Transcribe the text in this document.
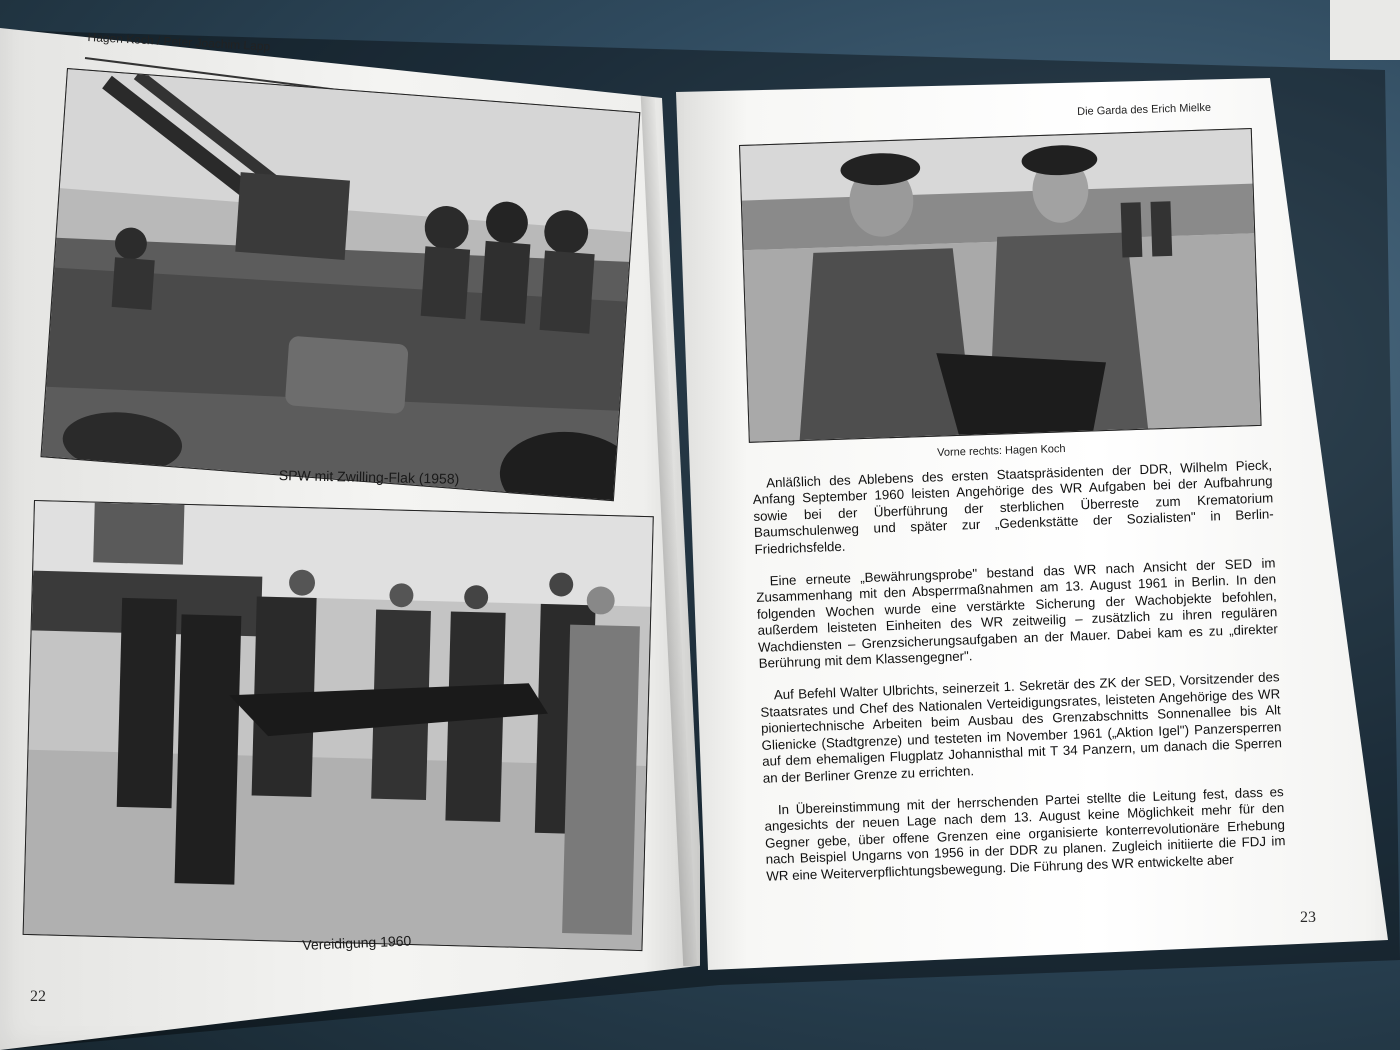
Hagen Koch / Peter Joachim Lapp
SPW mit Zwilling-Flak (1958)
Vereidigung 1960
22
Die Garda des Erich Mielke
Vorne rechts: Hagen Koch

Anläßlich des Ablebens des ersten Staatspräsidenten der DDR, Wilhelm Pieck, Anfang September 1960 leisten Angehörige des WR Aufgaben bei der Aufbahrung sowie bei der Überführung der sterblichen Überreste zum Krematorium Baumschulenweg und später zur „Gedenkstätte der Sozialisten" in Berlin-Friedrichsfelde.

Eine erneute „Bewährungsprobe" bestand das WR nach Ansicht der SED im Zusammenhang mit den Absperrmaßnahmen am 13. August 1961 in Berlin. In den folgenden Wochen wurde eine verstärkte Sicherung der Wachobjekte befohlen, außerdem leisteten Einheiten des WR zeitweilig – zusätzlich zu ihren regulären Wachdiensten – Grenzsicherungsaufgaben an der Mauer. Dabei kam es zu „direkter Berührung mit dem Klassengegner".

Auf Befehl Walter Ulbrichts, seinerzeit 1. Sekretär des ZK der SED, Vorsitzender des Staatsrates und Chef des Nationalen Verteidigungsrates, leisteten Angehörige des WR pioniertechnische Arbeiten beim Ausbau des Grenzabschnitts Sonnenallee bis Alt Glienicke (Stadtgrenze) und testeten im November 1961 („Aktion Igel") Panzersperren auf dem ehemaligen Flugplatz Johannisthal mit T 34 Panzern, um danach die Sperren an der Berliner Grenze zu errichten.

In Übereinstimmung mit der herrschenden Partei stellte die Leitung fest, dass es angesichts der neuen Lage nach dem 13. August keine Möglichkeit mehr für den Gegner gebe, über offene Grenzen eine organisierte konterrevolutionäre Erhebung nach Beispiel Ungarns von 1956 in der DDR zu planen. Zugleich initiierte die FDJ im WR eine Weiterverpflichtungsbewegung. Die Führung des WR entwickelte aber

23
